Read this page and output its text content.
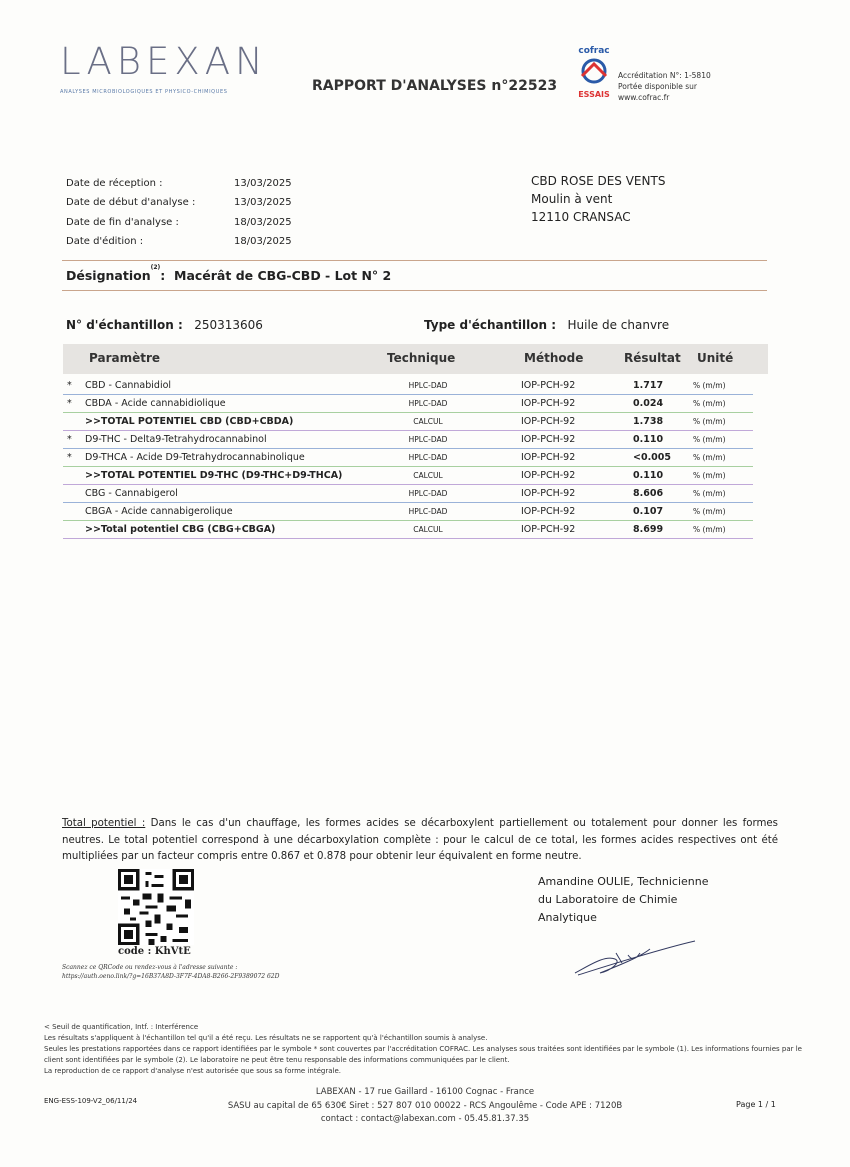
LABEXAN
ANALYSES MICROBIOLOGIQUES ET PHYSICO-CHIMIQUES	RAPPORT D'ANALYSES n°22523
cofrac
ESSAIS
Accréditation N°: 1-5810
Portée disponible sur
www.cofrac.fr
Date de réception :	13/03/2025
Date de début d'analyse :	13/03/2025
Date de fin d'analyse :	18/03/2025
Date d'édition :	18/03/2025
CBD ROSE DES VENTS
Moulin à vent
12110 CRANSAC
Désignation$^{(2)}$: Macérât de CBG-CBD - Lot N° 2
N° d'échantillon : 250313606	Type d'échantillon : Huile de chanvre
Paramètre	Technique	Méthode	Résultat Unité
* CBD - Cannabidiol	HPLC-DAD	IOP-PCH-92	1.717	% (m/m)
* CBDA - Acide cannabidiolique	HPLC-DAD	IOP-PCH-92	0.024	% (m/m)
>>TOTAL POTENTIEL CBD (CBD+CBDA)	CALCUL	IOP-PCH-92	1.738	% (m/m)
* D9-THC - Delta9-Tetrahydrocannabinol	HPLC-DAD	IOP-PCH-92	0.110	% (m/m)
* D9-THCA - Acide D9-Tetrahydrocannabinolique	HPLC-DAD	IOP-PCH-92	<0.005	% (m/m)
>>TOTAL POTENTIEL D9-THC (D9-THC+D9-THCA)	CALCUL	IOP-PCH-92	0.110	% (m/m)
CBG - Cannabigerol	HPLC-DAD	IOP-PCH-92	8.606	% (m/m)
CBGA - Acide cannabigerolique	HPLC-DAD	IOP-PCH-92	0.107	% (m/m)
>>Total potentiel CBG (CBG+CBGA)	CALCUL	IOP-PCH-92	8.699	% (m/m)
Total potentiel : Dans le cas d'un chauffage, les formes acides se décarboxylent partiellement ou totalement pour donner les formes neutres. Le total potentiel correspond à une décarboxylation complète : pour le calcul de ce total, les formes acides respectives ont été multipliées par un facteur compris entre 0.867 et 0.878 pour obtenir leur équivalent en forme neutre.
code : KhVtE
Scannez ce QRCode ou rendez-vous à l'adresse suivante :
https://auth.oeno.link/?g=16B37A8D-3F7F-4DA8-B266-2F9389072 62D
Amandine OULIE, Technicienne
du Laboratoire de Chimie
Analytique
< Seuil de quantification, Intf. : Interférence
Les résultats s'appliquent à l'échantillon tel qu'il a été reçu. Les résultats ne se rapportent qu'à l'échantillon soumis à analyse.
Seules les prestations rapportées dans ce rapport identifiées par le symbole * sont couvertes par l'accréditation COFRAC. Les analyses sous traitées sont identifiées par le symbole (1). Les informations fournies par le client sont identifiées par le symbole (2). Le laboratoire ne peut être tenu responsable des informations communiquées par le client.
La reproduction de ce rapport d'analyse n'est autorisée que sous sa forme intégrale.
LABEXAN - 17 rue Gaillard - 16100 Cognac - France
SASU au capital de 65 630€ Siret : 527 807 010 00022 - RCS Angoulême - Code APE : 7120B
contact : contact@labexan.com - 05.45.81.37.35
ENG-ESS-109-V2_06/11/24	Page 1 / 1
